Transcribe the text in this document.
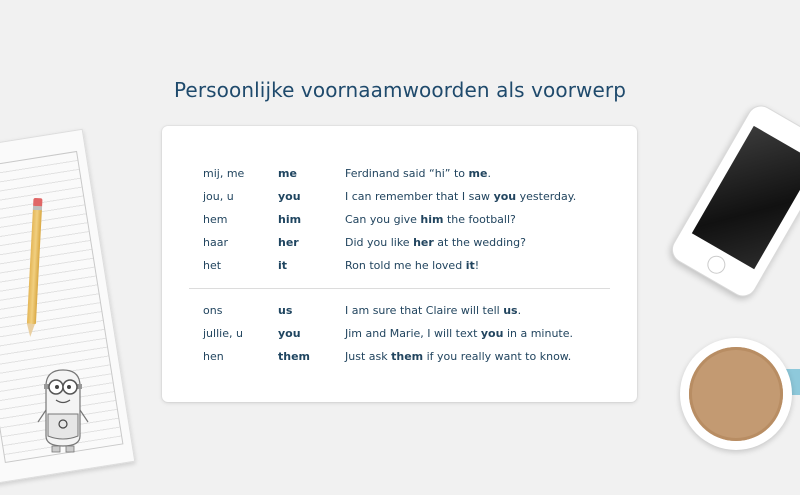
Persoonlijke voornaamwoorden als voorwerp
mij, me	me	Ferdinand said “hi” to me.
jou, u	you	I can remember that I saw you yesterday.
hem	him	Can you give him the football?
haar	her	Did you like her at the wedding?
het	it	Ron told me he loved it!
ons	us	I am sure that Claire will tell us.
jullie, u	you	Jim and Marie, I will text you in a minute.
hen	them	Just ask them if you really want to know.
